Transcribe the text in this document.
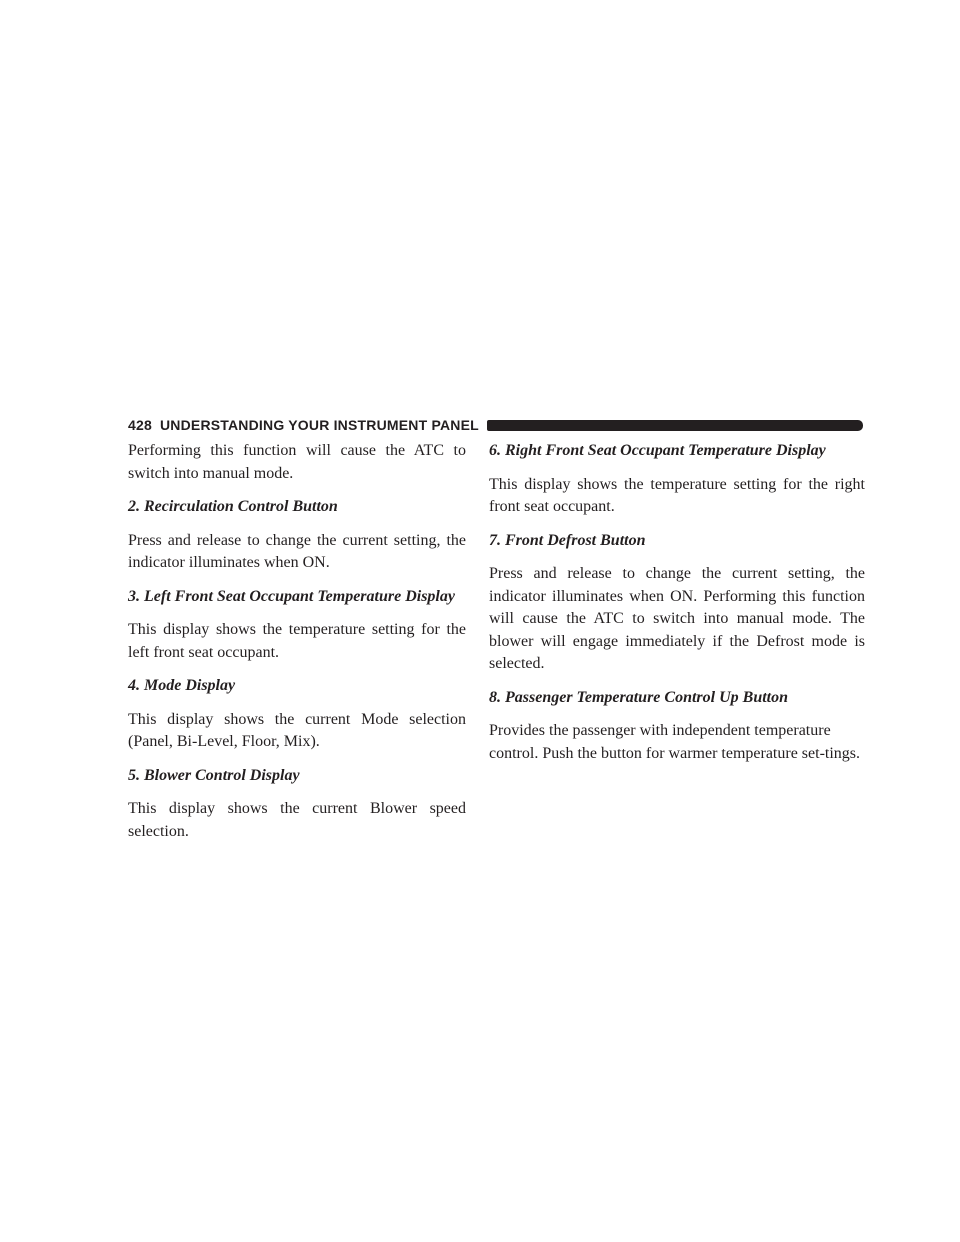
428 UNDERSTANDING YOUR INSTRUMENT PANEL

Performing this function will cause the ATC to switch into manual mode.

2. Recirculation Control Button

Press and release to change the current setting, the indicator illuminates when ON.

3. Left Front Seat Occupant Temperature Display

This display shows the temperature setting for the left front seat occupant.

4. Mode Display

This display shows the current Mode selection (Panel, Bi-Level, Floor, Mix).

5. Blower Control Display

This display shows the current Blower speed selection.

6. Right Front Seat Occupant Temperature Display

This display shows the temperature setting for the right front seat occupant.

7. Front Defrost Button

Press and release to change the current setting, the indicator illuminates when ON. Performing this function will cause the ATC to switch into manual mode. The blower will engage immediately if the Defrost mode is selected.

8. Passenger Temperature Control Up Button

Provides the passenger with independent temperature control. Push the button for warmer temperature set-tings.
